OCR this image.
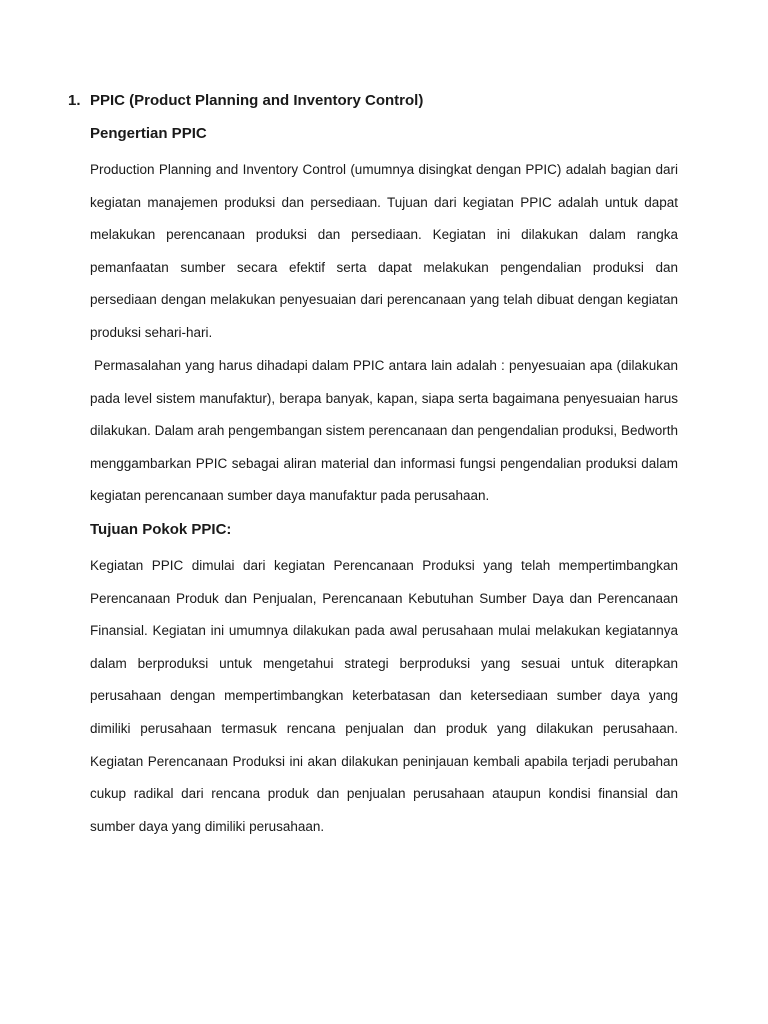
1. PPIC (Product Planning and Inventory Control)
Pengertian PPIC

Production Planning and Inventory Control (umumnya disingkat dengan PPIC) adalah bagian dari kegiatan manajemen produksi dan persediaan. Tujuan dari kegiatan PPIC adalah untuk dapat melakukan perencanaan produksi dan persediaan. Kegiatan ini dilakukan dalam rangka pemanfaatan sumber secara efektif serta dapat melakukan pengendalian produksi dan persediaan dengan melakukan penyesuaian dari perencanaan yang telah dibuat dengan kegiatan produksi sehari-hari.

Permasalahan yang harus dihadapi dalam PPIC antara lain adalah : penyesuaian apa (dilakukan pada level sistem manufaktur), berapa banyak, kapan, siapa serta bagaimana penyesuaian harus dilakukan. Dalam arah pengembangan sistem perencanaan dan pengendalian produksi, Bedworth menggambarkan PPIC sebagai aliran material dan informasi fungsi pengendalian produksi dalam kegiatan perencanaan sumber daya manufaktur pada perusahaan.

Tujuan Pokok PPIC:

Kegiatan PPIC dimulai dari kegiatan Perencanaan Produksi yang telah mempertimbangkan Perencanaan Produk dan Penjualan, Perencanaan Kebutuhan Sumber Daya dan Perencanaan Finansial. Kegiatan ini umumnya dilakukan pada awal perusahaan mulai melakukan kegiatannya dalam berproduksi untuk mengetahui strategi berproduksi yang sesuai untuk diterapkan perusahaan dengan mempertimbangkan keterbatasan dan ketersediaan sumber daya yang dimiliki perusahaan termasuk rencana penjualan dan produk yang dilakukan perusahaan. Kegiatan Perencanaan Produksi ini akan dilakukan peninjauan kembali apabila terjadi perubahan cukup radikal dari rencana produk dan penjualan perusahaan ataupun kondisi finansial dan sumber daya yang dimiliki perusahaan.
